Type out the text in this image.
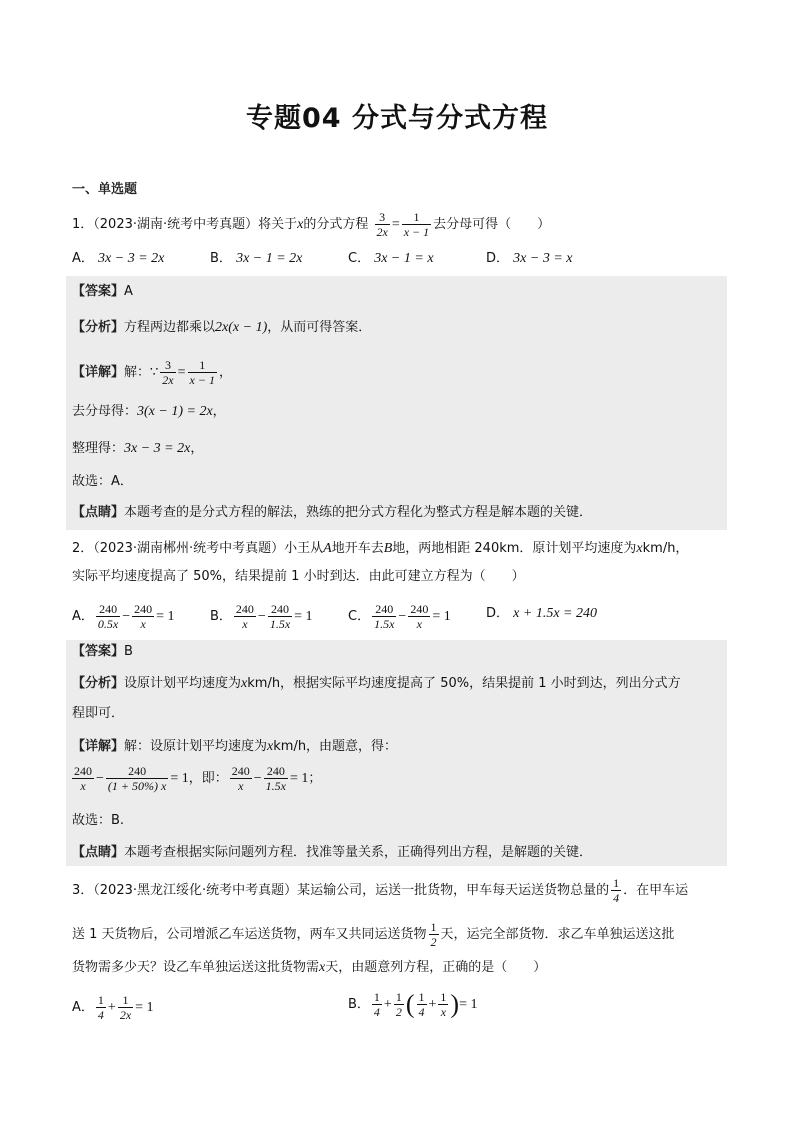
专题04 分式与分式方程
一、单选题
1．（2023·湖南·统考中考真题）将关于x的分式方程 $\frac{3}{2x} = \frac{1}{x - 1}$ 去分母可得（　　）
A． 3x − 3 = 2x	B． 3x − 1 = 2x	C． 3x − 1 = x	D． 3x − 3 = x
【答案】A
【分析】方程两边都乘以2x(x − 1)，从而可得答案．
【详解】解：∵ $\frac{3}{2x} = \frac{1}{x - 1}$ ，
去分母得：3(x − 1) = 2x，
整理得：3x − 3 = 2x，
故选：A．
【点睛】本题考查的是分式方程的解法，熟练的把分式方程化为整式方程是解本题的关键．
2．（2023·湖南郴州·统考中考真题）小王从A地开车去B地，两地相距 240km．原计划平均速度为xkm/h，
实际平均速度提高了 50%，结果提前 1 小时到达．由此可建立方程为（　　）
A． $\frac{240}{0.5x} - \frac{240}{x} = 1$	B． $\frac{240}{x} - \frac{240}{1.5x} = 1$	C． $\frac{240}{1.5x} - \frac{240}{x} = 1$	D． x + 1.5x = 240
【答案】B
【分析】设原计划平均速度为xkm/h，根据实际平均速度提高了 50%，结果提前 1 小时到达，列出分式方
程即可．
【详解】解：设原计划平均速度为xkm/h，由题意，得：
$\frac{240}{x} - \frac{240}{(1 + 50\%) x} = 1$，即： $\frac{240}{x} - \frac{240}{1.5x} = 1$；
故选：B.
【点睛】本题考查根据实际问题列方程．找准等量关系，正确得列出方程，是解题的关键．
3．（2023·黑龙江绥化·统考中考真题）某运输公司，运送一批货物，甲车每天运送货物总量的 $\frac{1}{4}$ ．在甲车运
送 1 天货物后，公司增派乙车运送货物，两车又共同运送货物 $\frac{1}{2}$ 天，运完全部货物．求乙车单独运送这批
货物需多少天？设乙车单独运送这批货物需x天，由题意列方程，正确的是（　　）
A． $\frac{1}{4} + \frac{1}{2x} = 1$	B． $\frac{1}{4} + \frac{1}{2}$ ( $\frac{1}{4} + \frac{1}{x}$ )= 1
